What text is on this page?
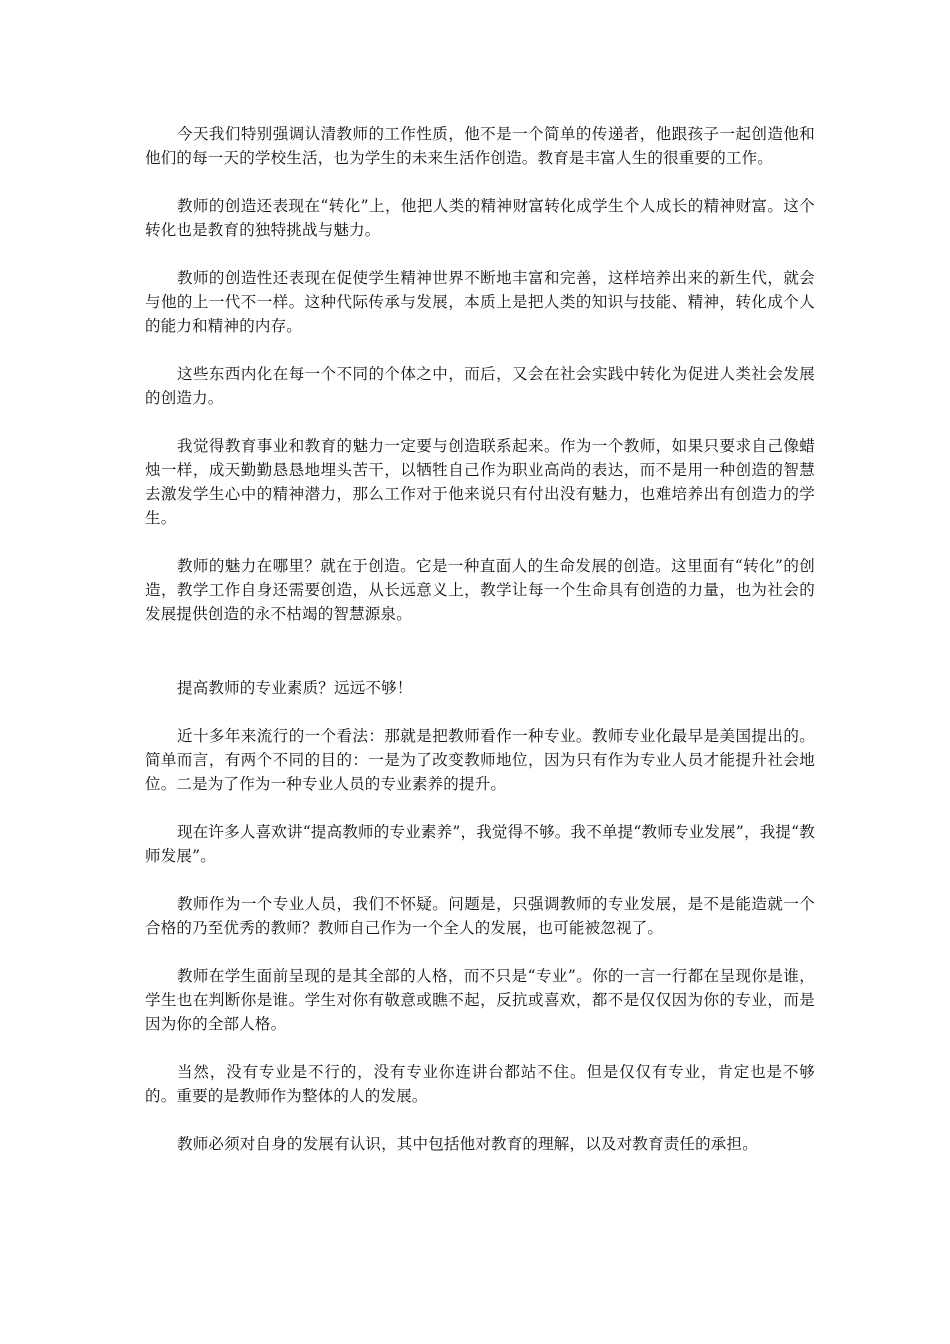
今天我们特别强调认清教师的工作性质，他不是一个简单的传递者，他跟孩子一起创造他和他们的每一天的学校生活，也为学生的未来生活作创造。教育是丰富人生的很重要的工作。

教师的创造还表现在“转化”上，他把人类的精神财富转化成学生个人成长的精神财富。这个转化也是教育的独特挑战与魅力。

教师的创造性还表现在促使学生精神世界不断地丰富和完善，这样培养出来的新生代，就会与他的上一代不一样。这种代际传承与发展，本质上是把人类的知识与技能、精神，转化成个人的能力和精神的内存。

这些东西内化在每一个不同的个体之中，而后，又会在社会实践中转化为促进人类社会发展的创造力。

我觉得教育事业和教育的魅力一定要与创造联系起来。作为一个教师，如果只要求自己像蜡烛一样，成天勤勤恳恳地埋头苦干，以牺牲自己作为职业高尚的表达，而不是用一种创造的智慧去激发学生心中的精神潜力，那么工作对于他来说只有付出没有魅力，也难培养出有创造力的学生。

教师的魅力在哪里？就在于创造。它是一种直面人的生命发展的创造。这里面有“转化”的创造，教学工作自身还需要创造，从长远意义上，教学让每一个生命具有创造的力量，也为社会的发展提供创造的永不枯竭的智慧源泉。

提高教师的专业素质？远远不够！

近十多年来流行的一个看法：那就是把教师看作一种专业。教师专业化最早是美国提出的。简单而言，有两个不同的目的：一是为了改变教师地位，因为只有作为专业人员才能提升社会地位。二是为了作为一种专业人员的专业素养的提升。

现在许多人喜欢讲“提高教师的专业素养”，我觉得不够。我不单提“教师专业发展”，我提“教师发展”。

教师作为一个专业人员，我们不怀疑。问题是，只强调教师的专业发展，是不是能造就一个合格的乃至优秀的教师？教师自己作为一个全人的发展，也可能被忽视了。

教师在学生面前呈现的是其全部的人格，而不只是“专业”。你的一言一行都在呈现你是谁，学生也在判断你是谁。学生对你有敬意或瞧不起，反抗或喜欢，都不是仅仅因为你的专业，而是因为你的全部人格。

当然，没有专业是不行的，没有专业你连讲台都站不住。但是仅仅有专业，肯定也是不够的。重要的是教师作为整体的人的发展。

教师必须对自身的发展有认识，其中包括他对教育的理解，以及对教育责任的承担。
